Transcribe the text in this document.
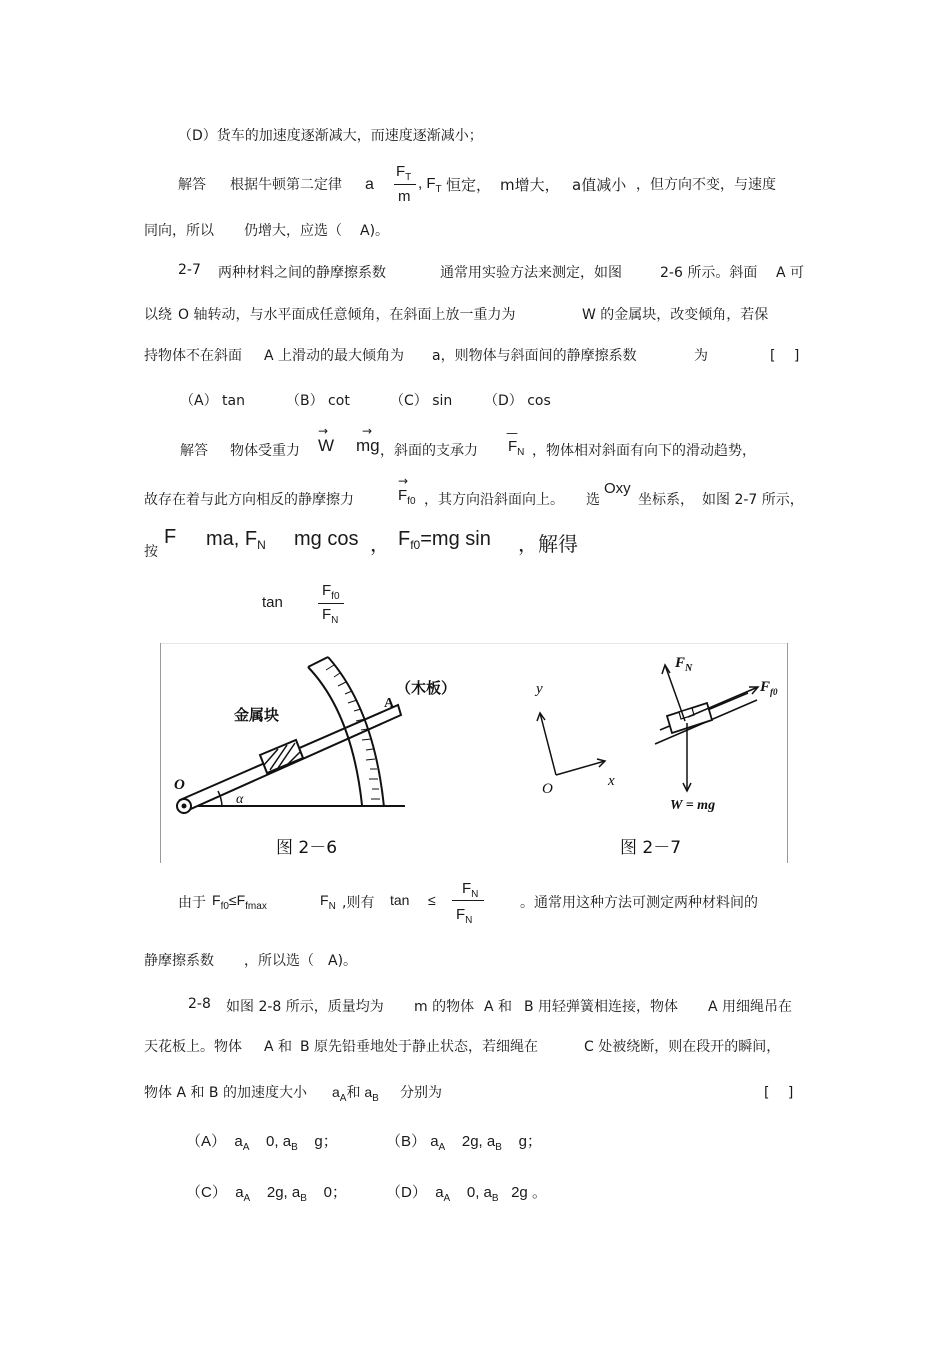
（D）货车的加速度逐渐减大，而速度逐渐减小；
解答 根据牛顿第二定律 a
$F_T$
m
, $F_T$ 恒定， m增大， a值减小 ，但方向不变，与速度
同向，所以 仍增大，应选（ A)。
2-7 两种材料之间的静摩擦系数	通常用实验方法来测定，如图	2-6 所示。斜面 A 可
以绕 O 轴转动，与水平面成任意倾角，在斜面上放一重力为	W 的金属块，改变倾角，若保
持物体不在斜面 A 上滑动的最大倾角为 a，则物体与斜面间的静摩擦系数	为	[　 ]
（A） tan	（B） cot	（C） sin （D） cos
解答 物体受重力
→
W
→
mg ，斜面的支承力
—
$F_N$ ，物体相对斜面有向下的滑动趋势，
故存在着与此方向相反的静摩擦力
→
$F_{f0}$ ，其方向沿斜面向上。 选
Oxy
坐标系， 如图 2-7 所示，
按
F ma, $F_N$ mg cos ， $F_{f0}=mg$ sin ，解得
tan
$F_{f0}$
$F_N$
A
（木板）
金属块
O
α
图 2－6
y
x
O
$F_N$
$F_{f0}$
W = mg
图 2－7
由于 $F_{f0}\le F_{fmax}$	$F_N$ ,则有 tan ≤
$F_N$
$F_N$
。通常用这种方法可测定两种材料间的
静摩擦系数 ，所以选（ A)。
2-8 如图 2-8 所示，质量均为 m 的物体 A 和 B 用轻弹簧相连接，物体 A 用细绳吊在
天花板上。物体 A 和 B 原先铅垂地处于静止状态，若细绳在	C 处被绕断，则在段开的瞬间，
物体 A 和 B 的加速度大小 $a_A$和 $a_B$ 分别为	[　 ]
（A） $a_A$ 0, $a_B$ g；	（B） $a_A$ 2g, $a_B$ g；
（C） $a_A$ 2g, $a_B$ 0；	（D） $a_A$ 0, $a_B$ 2g 。
